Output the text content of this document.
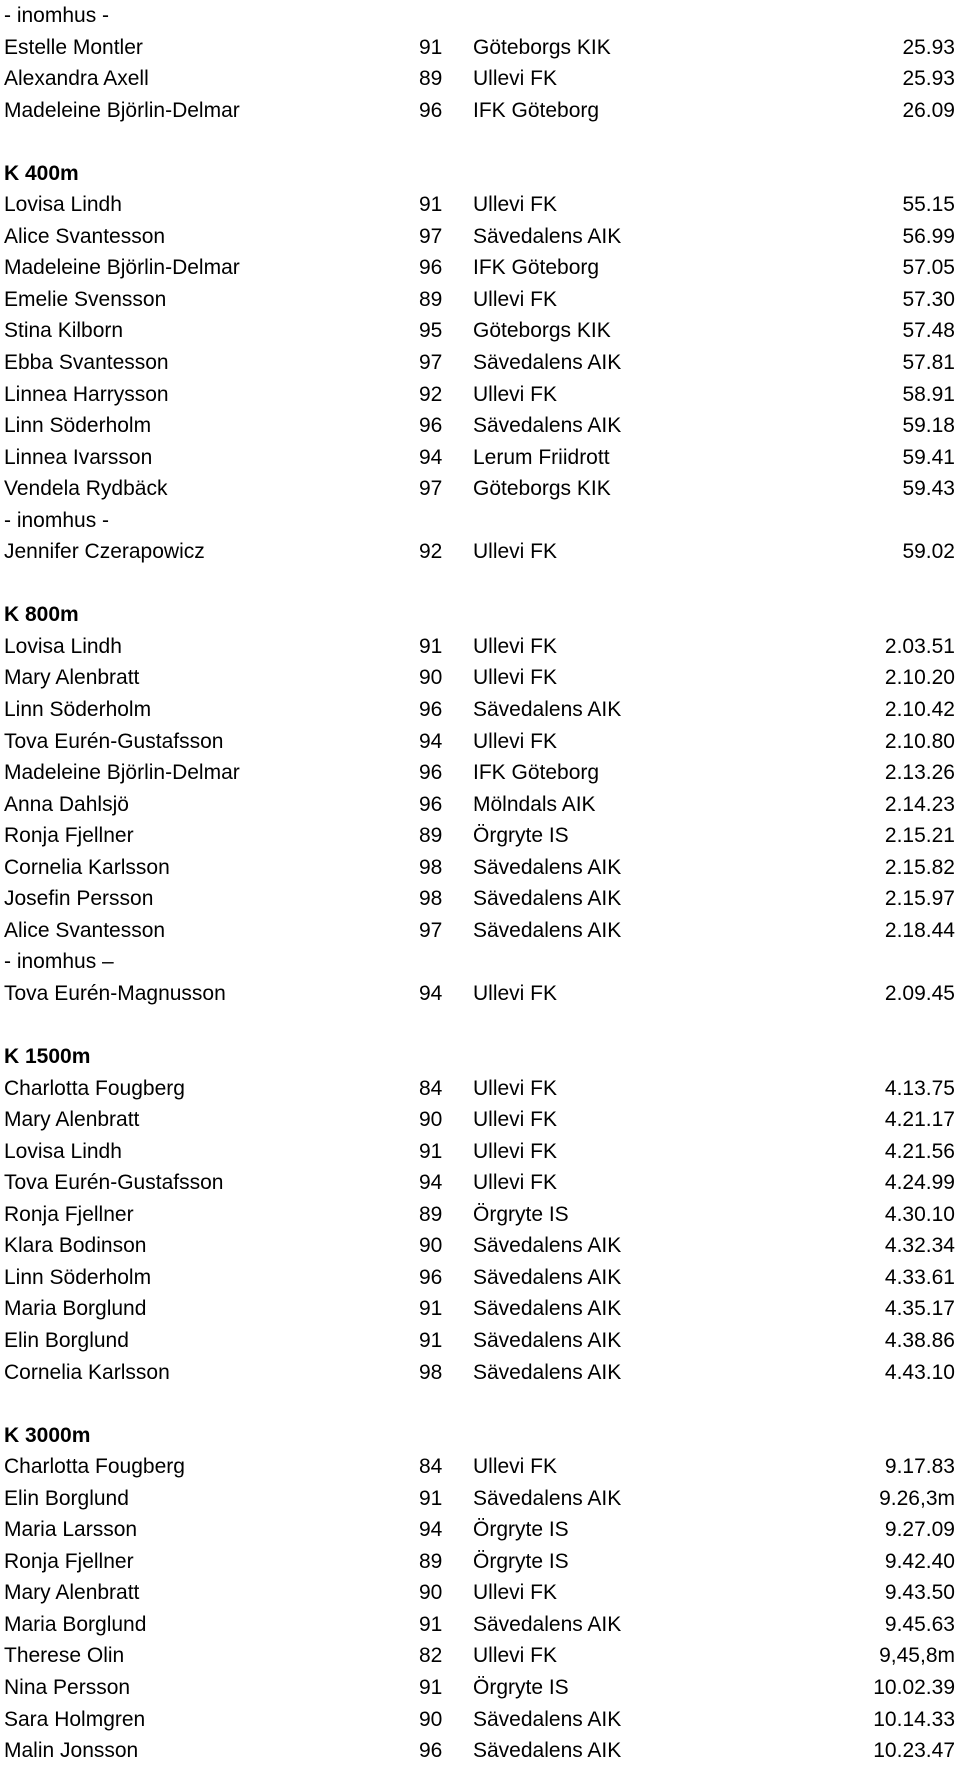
- inomhus -
Estelle Montler	91 Göteborgs KIK	25.93
Alexandra Axell	89 Ullevi FK	25.93
Madeleine Björlin-Delmar	96 IFK Göteborg	26.09
K 400m
Lovisa Lindh	91 Ullevi FK	55.15
Alice Svantesson	97 Sävedalens AIK	56.99
Madeleine Björlin-Delmar	96 IFK Göteborg	57.05
Emelie Svensson	89 Ullevi FK	57.30
Stina Kilborn	95 Göteborgs KIK	57.48
Ebba Svantesson	97 Sävedalens AIK	57.81
Linnea Harrysson	92 Ullevi FK	58.91
Linn Söderholm	96 Sävedalens AIK	59.18
Linnea Ivarsson	94 Lerum Friidrott	59.41
Vendela Rydbäck	97 Göteborgs KIK	59.43
- inomhus -
Jennifer Czerapowicz	92 Ullevi FK	59.02
K 800m
Lovisa Lindh	91 Ullevi FK	2.03.51
Mary Alenbratt	90 Ullevi FK	2.10.20
Linn Söderholm	96 Sävedalens AIK	2.10.42
Tova Eurén-Gustafsson	94 Ullevi FK	2.10.80
Madeleine Björlin-Delmar	96 IFK Göteborg	2.13.26
Anna Dahlsjö	96 Mölndals AIK	2.14.23
Ronja Fjellner	89 Örgryte IS	2.15.21
Cornelia Karlsson	98 Sävedalens AIK	2.15.82
Josefin Persson	98 Sävedalens AIK	2.15.97
Alice Svantesson	97 Sävedalens AIK	2.18.44
- inomhus –
Tova Eurén-Magnusson	94 Ullevi FK	2.09.45
K 1500m
Charlotta Fougberg	84 Ullevi FK	4.13.75
Mary Alenbratt	90 Ullevi FK	4.21.17
Lovisa Lindh	91 Ullevi FK	4.21.56
Tova Eurén-Gustafsson	94 Ullevi FK	4.24.99
Ronja Fjellner	89 Örgryte IS	4.30.10
Klara Bodinson	90 Sävedalens AIK	4.32.34
Linn Söderholm	96 Sävedalens AIK	4.33.61
Maria Borglund	91 Sävedalens AIK	4.35.17
Elin Borglund	91 Sävedalens AIK	4.38.86
Cornelia Karlsson	98 Sävedalens AIK	4.43.10
K 3000m
Charlotta Fougberg	84 Ullevi FK	9.17.83
Elin Borglund	91 Sävedalens AIK	9.26,3m
Maria Larsson	94 Örgryte IS	9.27.09
Ronja Fjellner	89 Örgryte IS	9.42.40
Mary Alenbratt	90 Ullevi FK	9.43.50
Maria Borglund	91 Sävedalens AIK	9.45.63
Therese Olin	82 Ullevi FK	9,45,8m
Nina Persson	91 Örgryte IS	10.02.39
Sara Holmgren	90 Sävedalens AIK	10.14.33
Malin Jonsson	96 Sävedalens AIK	10.23.47
